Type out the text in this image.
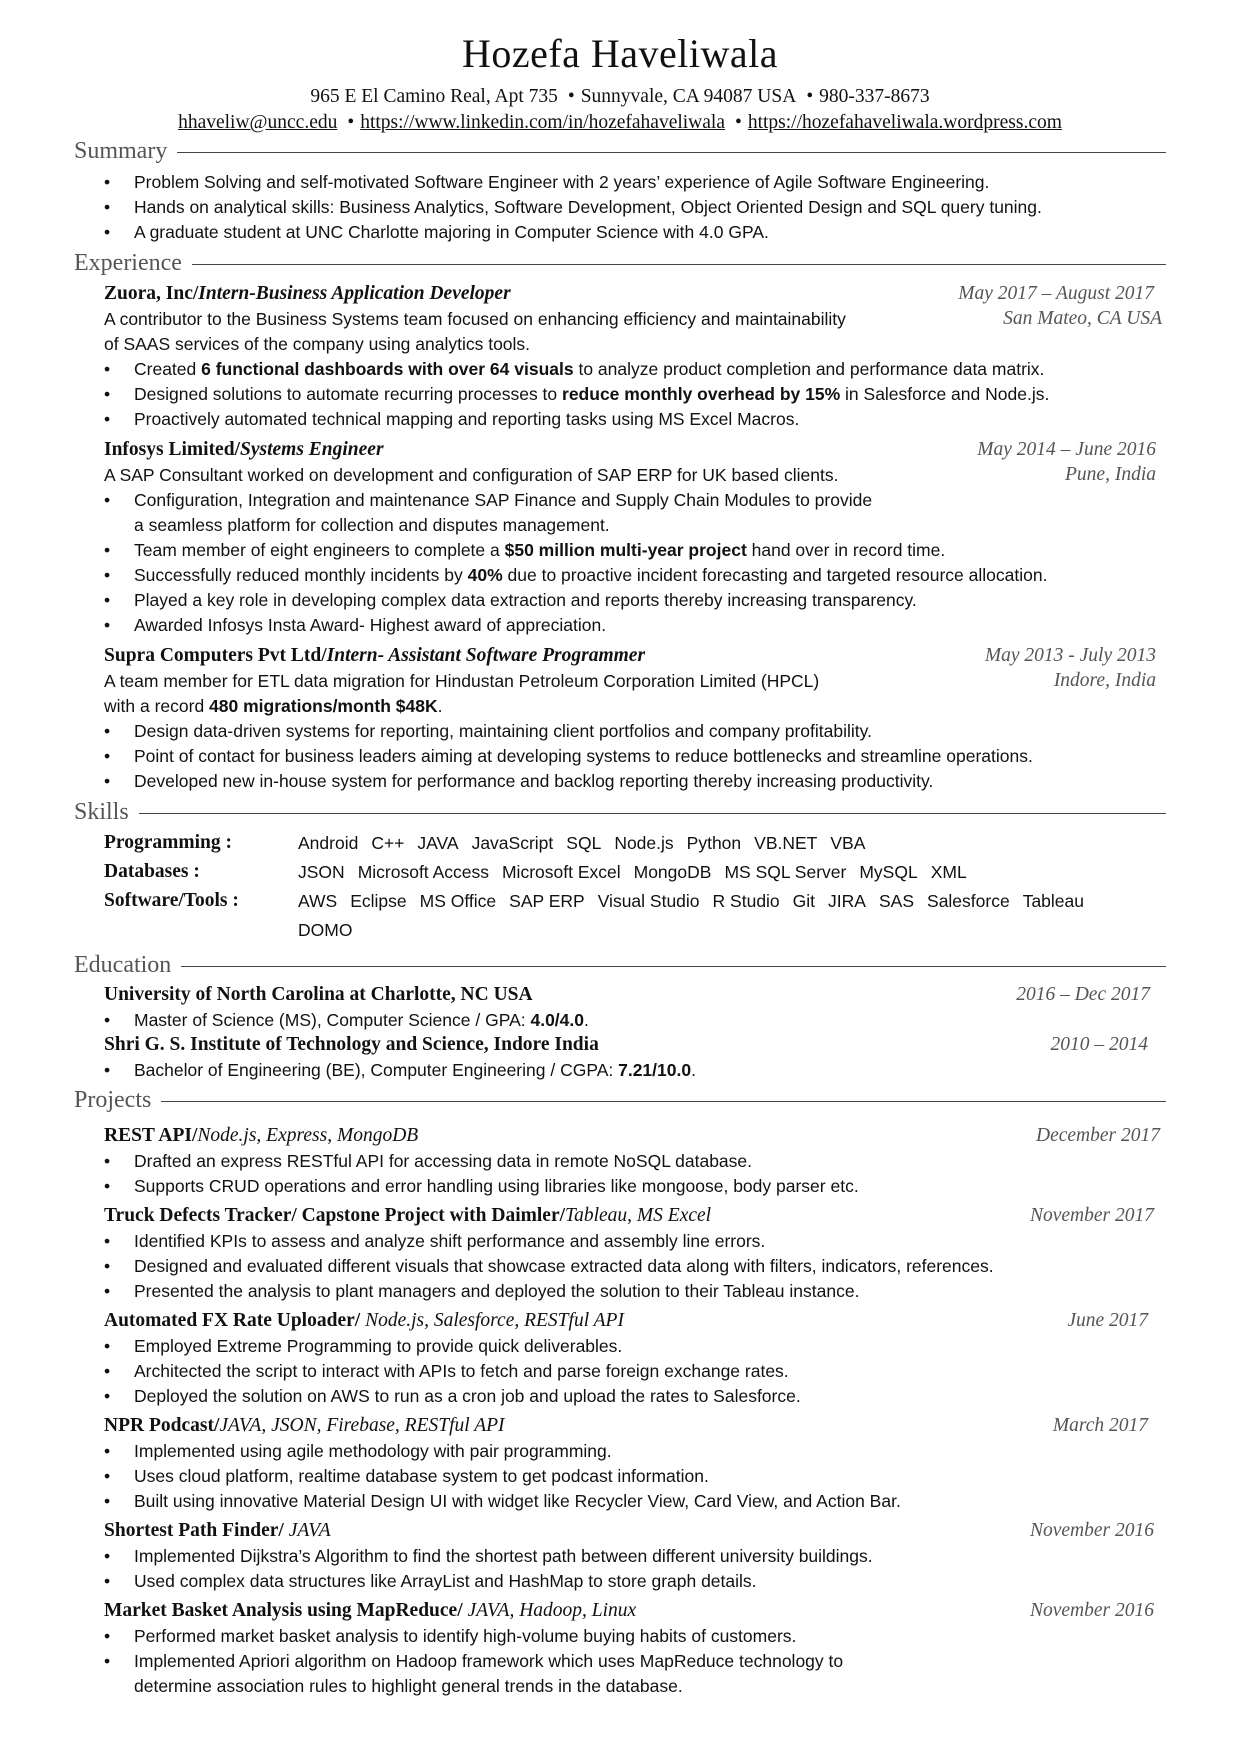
Hozefa Haveliwala
965 E El Camino Real, Apt 735 • Sunnyvale, CA 94087 USA • 980-337-8673
hhaveliw@uncc.edu • https://www.linkedin.com/in/hozefahaveliwala • https://hozefahaveliwala.wordpress.com
Summary
Problem Solving and self-motivated Software Engineer with 2 years’ experience of Agile Software Engineering.
Hands on analytical skills: Business Analytics, Software Development, Object Oriented Design and SQL query tuning.
A graduate student at UNC Charlotte majoring in Computer Science with 4.0 GPA.
Experience
Zuora, Inc/Intern-Business Application Developer	May 2017 – August 2017
A contributor to the Business Systems team focused on enhancing efficiency and maintainability	San Mateo, CA USA
of SAAS services of the company using analytics tools.
Created 6 functional dashboards with over 64 visuals to analyze product completion and performance data matrix.
Designed solutions to automate recurring processes to reduce monthly overhead by 15% in Salesforce and Node.js.
Proactively automated technical mapping and reporting tasks using MS Excel Macros.
Infosys Limited/Systems Engineer	May 2014 – June 2016
A SAP Consultant worked on development and configuration of SAP ERP for UK based clients.	Pune, India
Configuration, Integration and maintenance SAP Finance and Supply Chain Modules to provide
a seamless platform for collection and disputes management.
Team member of eight engineers to complete a $50 million multi-year project hand over in record time.
Successfully reduced monthly incidents by 40% due to proactive incident forecasting and targeted resource allocation.
Played a key role in developing complex data extraction and reports thereby increasing transparency.
Awarded Infosys Insta Award- Highest award of appreciation.
Supra Computers Pvt Ltd/Intern- Assistant Software Programmer	May 2013 - July 2013
A team member for ETL data migration for Hindustan Petroleum Corporation Limited (HPCL)	Indore, India
with a record 480 migrations/month $48K.
Design data-driven systems for reporting, maintaining client portfolios and company profitability.
Point of contact for business leaders aiming at developing systems to reduce bottlenecks and streamline operations.
Developed new in-house system for performance and backlog reporting thereby increasing productivity.
Skills
Programming :	Android C++ JAVA JavaScript SQL Node.js Python VB.NET VBA
Databases :	JSON Microsoft Access Microsoft Excel MongoDB MS SQL Server MySQL XML
Software/Tools :	AWS Eclipse MS Office SAP ERP Visual Studio R Studio Git JIRA SAS Salesforce Tableau
DOMO
Education
University of North Carolina at Charlotte, NC USA	2016 – Dec 2017
Master of Science (MS), Computer Science / GPA: 4.0/4.0.
Shri G. S. Institute of Technology and Science, Indore India	2010 – 2014
Bachelor of Engineering (BE), Computer Engineering / CGPA: 7.21/10.0.
Projects
REST API/Node.js, Express, MongoDB	December 2017
Drafted an express RESTful API for accessing data in remote NoSQL database.
Supports CRUD operations and error handling using libraries like mongoose, body parser etc.
Truck Defects Tracker/ Capstone Project with Daimler/Tableau, MS Excel	November 2017
Identified KPIs to assess and analyze shift performance and assembly line errors.
Designed and evaluated different visuals that showcase extracted data along with filters, indicators, references.
Presented the analysis to plant managers and deployed the solution to their Tableau instance.
Automated FX Rate Uploader/ Node.js, Salesforce, RESTful API	June 2017
Employed Extreme Programming to provide quick deliverables.
Architected the script to interact with APIs to fetch and parse foreign exchange rates.
Deployed the solution on AWS to run as a cron job and upload the rates to Salesforce.
NPR Podcast/JAVA, JSON, Firebase, RESTful API	March 2017
Implemented using agile methodology with pair programming.
Uses cloud platform, realtime database system to get podcast information.
Built using innovative Material Design UI with widget like Recycler View, Card View, and Action Bar.
Shortest Path Finder/ JAVA	November 2016
Implemented Dijkstra’s Algorithm to find the shortest path between different university buildings.
Used complex data structures like ArrayList and HashMap to store graph details.
Market Basket Analysis using MapReduce/ JAVA, Hadoop, Linux	November 2016
Performed market basket analysis to identify high-volume buying habits of customers.
Implemented Apriori algorithm on Hadoop framework which uses MapReduce technology to
determine association rules to highlight general trends in the database.
